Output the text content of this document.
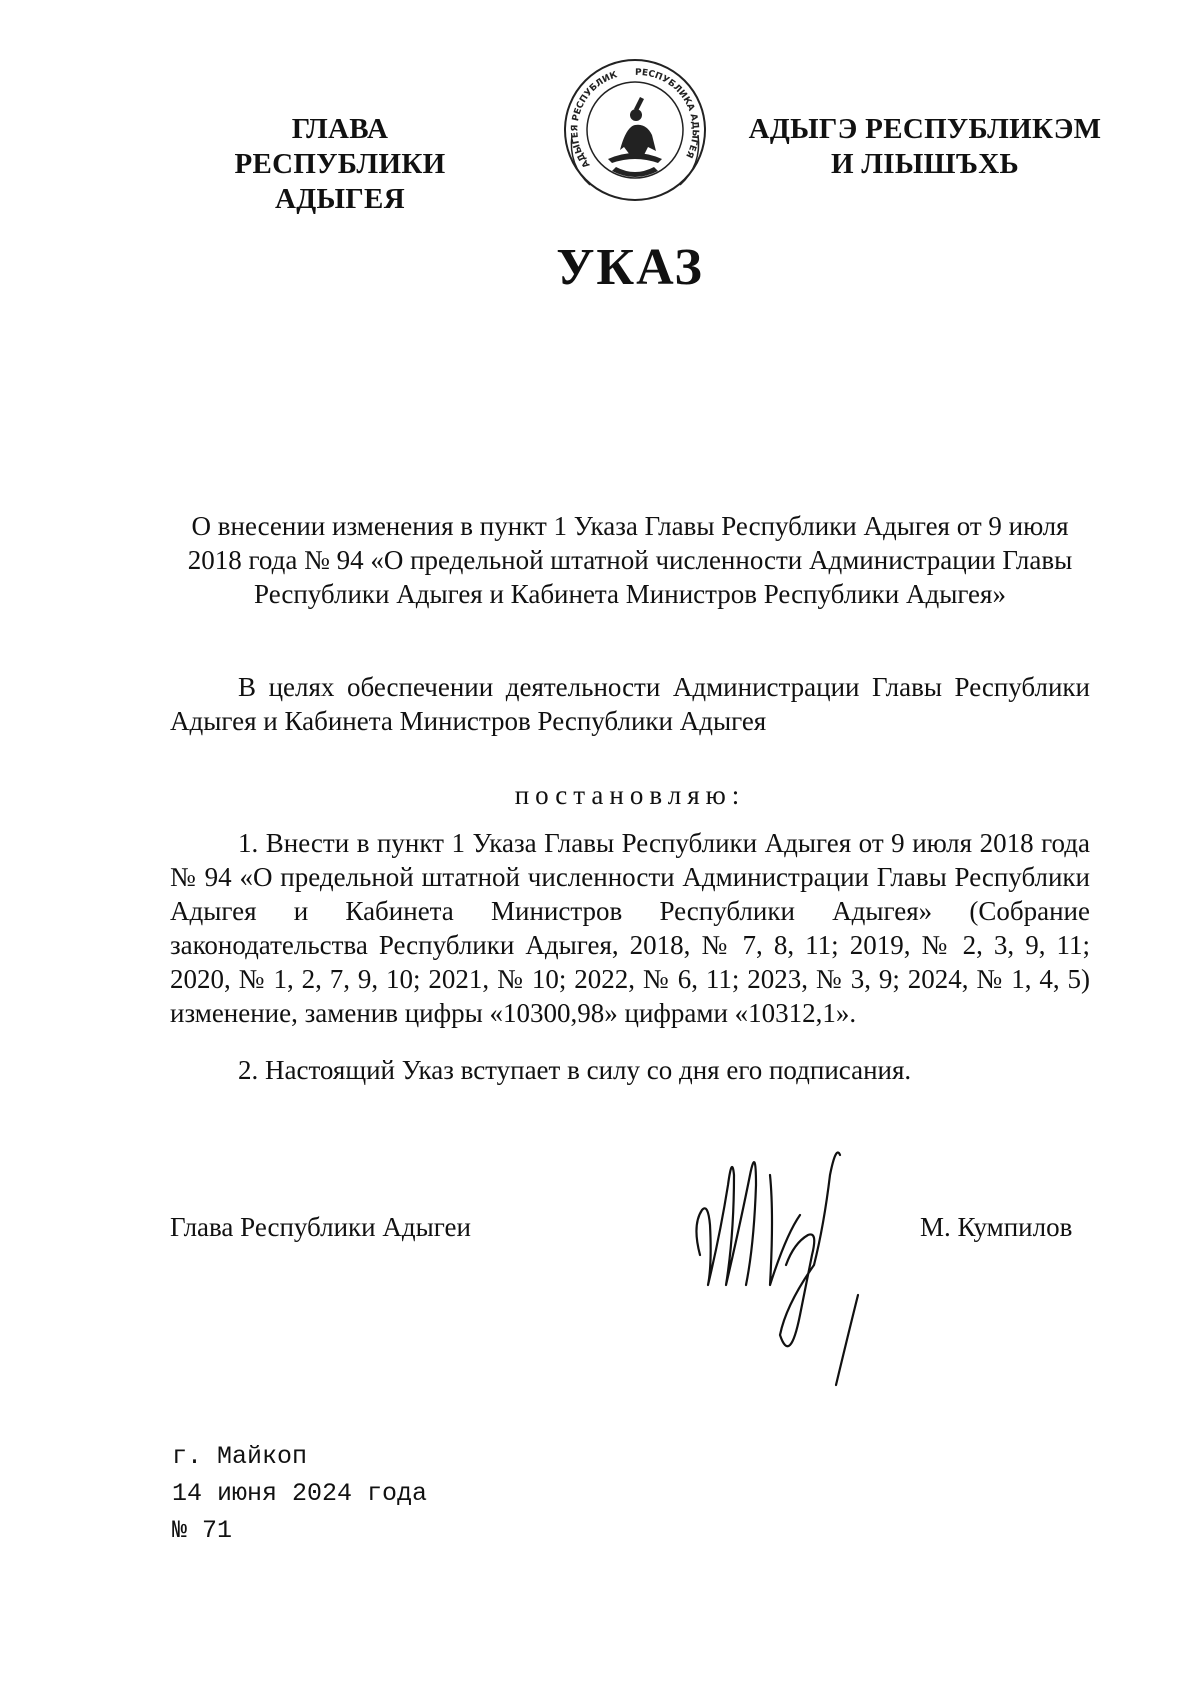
ГЛАВА
РЕСПУБЛИКИ АДЫГЕЯ
АДЫГЕЯ РЕСПУБЛИК РЕСПУБЛИКА АДЫГЕЯ
АДЫГЭ РЕСПУБЛИКЭМ
И ЛІЫШЪХЬ
УКАЗ
О внесении изменения в пункт 1 Указа Главы Республики Адыгея от 9 июля
2018 года № 94 «О предельной штатной численности Администрации Главы
Республики Адыгея и Кабинета Министров Республики Адыгея»
В целях обеспечении деятельности Администрации Главы Республики Адыгея и Кабинета Министров Республики Адыгея
постановляю:
1. Внести в пункт 1 Указа Главы Республики Адыгея от 9 июля 2018 года № 94 «О предельной штатной численности Администрации Главы Республики Адыгея и Кабинета Министров Республики Адыгея» (Собрание законодательства Республики Адыгея, 2018, № 7, 8, 11; 2019, № 2, 3, 9, 11; 2020, № 1, 2, 7, 9, 10; 2021, № 10; 2022, № 6, 11; 2023, № 3, 9; 2024, № 1, 4, 5) изменение, заменив цифры «10300,98» цифрами «10312,1».
2. Настоящий Указ вступает в силу со дня его подписания.
Глава Республики Адыгеи	М. Кумпилов
г. Майкоп
14 июня 2024 года
№ 71
